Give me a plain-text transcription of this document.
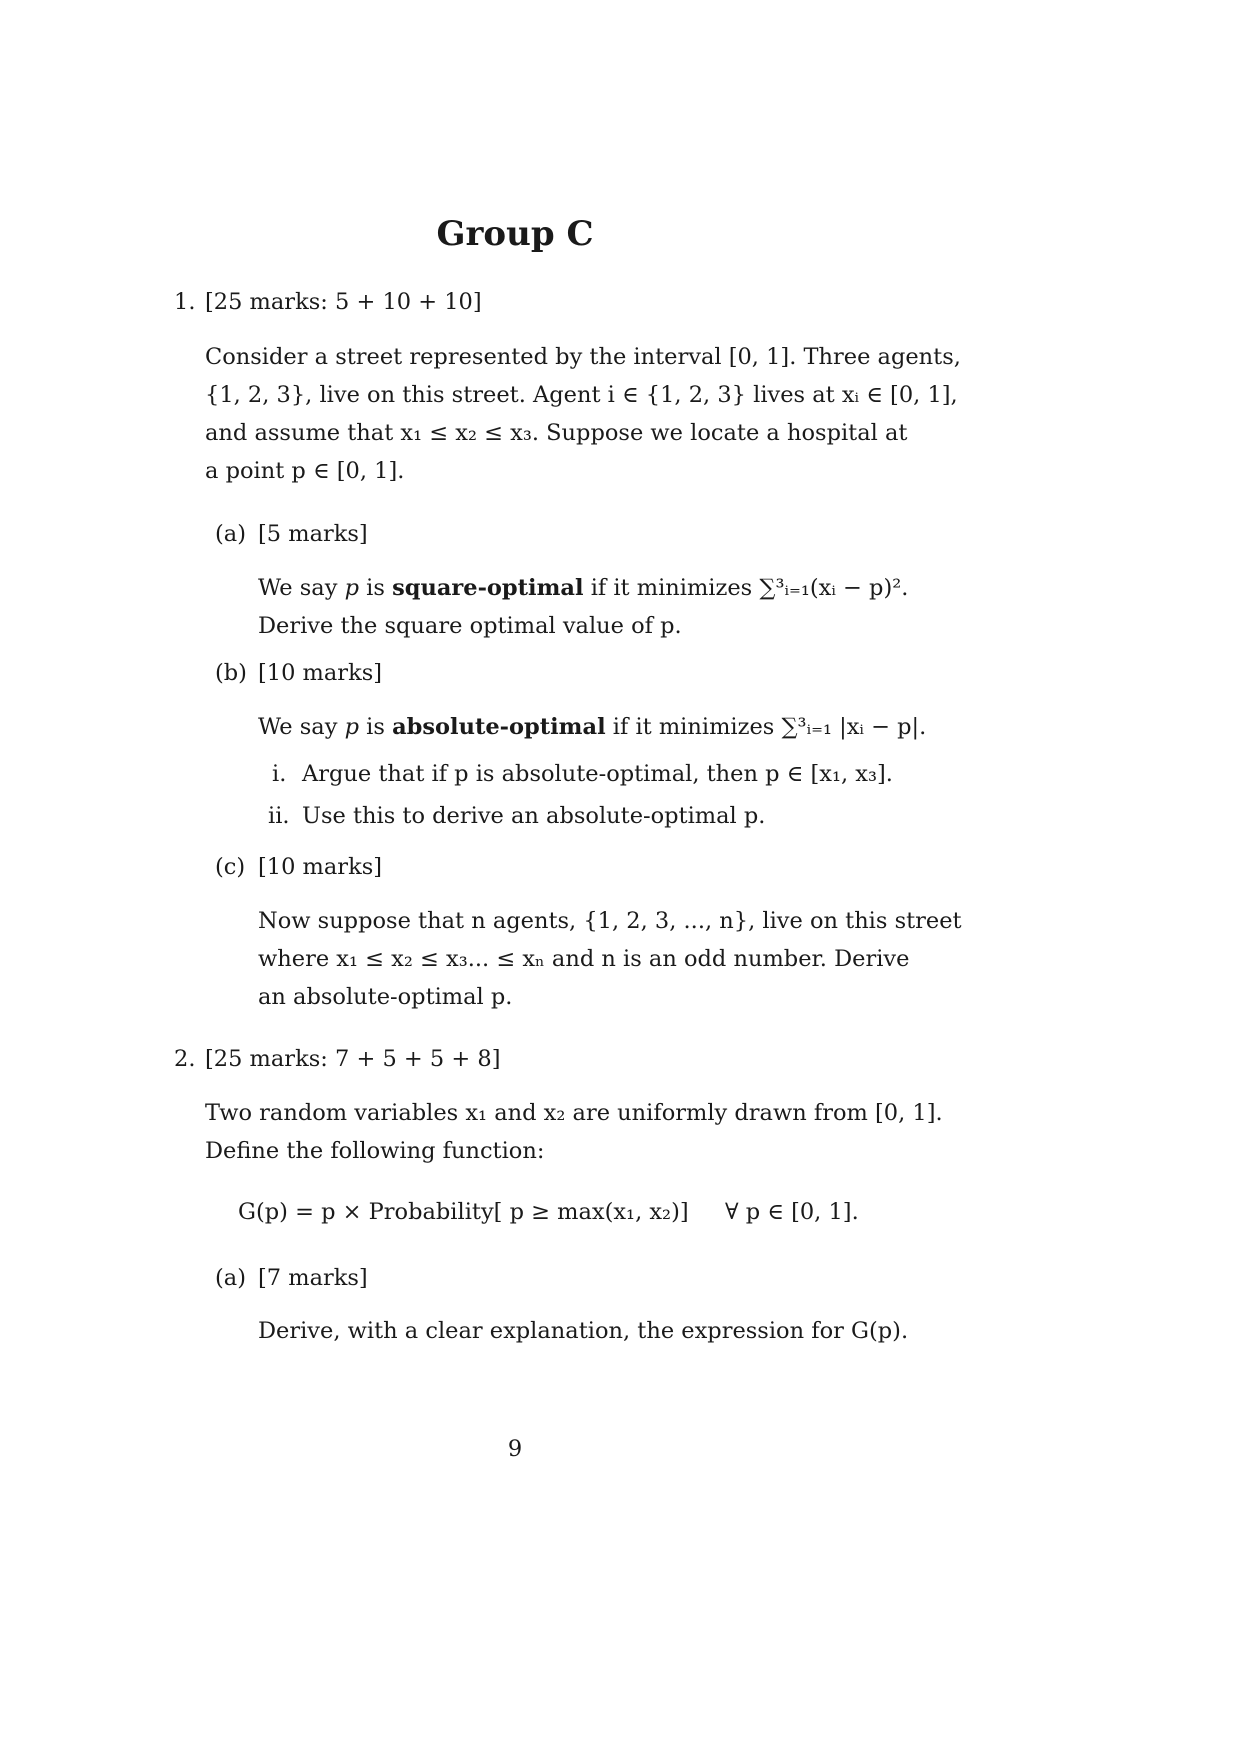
Group C
1. [25 marks: 5 + 10 + 10]
Consider a street represented by the interval [0, 1]. Three agents,
{1, 2, 3}, live on this street. Agent i ∈ {1, 2, 3} lives at xᵢ ∈ [0, 1],
and assume that x₁ ≤ x₂ ≤ x₃. Suppose we locate a hospital at
a point p ∈ [0, 1].
(a) [5 marks]
We say p is square-optimal if it minimizes ∑³ᵢ₌₁(xᵢ − p)².
Derive the square optimal value of p.
(b) [10 marks]
We say p is absolute-optimal if it minimizes ∑³ᵢ₌₁ |xᵢ − p|.
i. Argue that if p is absolute-optimal, then p ∈ [x₁, x₃].
ii. Use this to derive an absolute-optimal p.
(c) [10 marks]
Now suppose that n agents, {1, 2, 3, ..., n}, live on this street
where x₁ ≤ x₂ ≤ x₃... ≤ xₙ and n is an odd number. Derive
an absolute-optimal p.
2. [25 marks: 7 + 5 + 5 + 8]
Two random variables x₁ and x₂ are uniformly drawn from [0, 1].
Define the following function:
G(p) = p × Probability[ p ≥ max(x₁, x₂)] ∀ p ∈ [0, 1].
(a) [7 marks]
Derive, with a clear explanation, the expression for G(p).
9
